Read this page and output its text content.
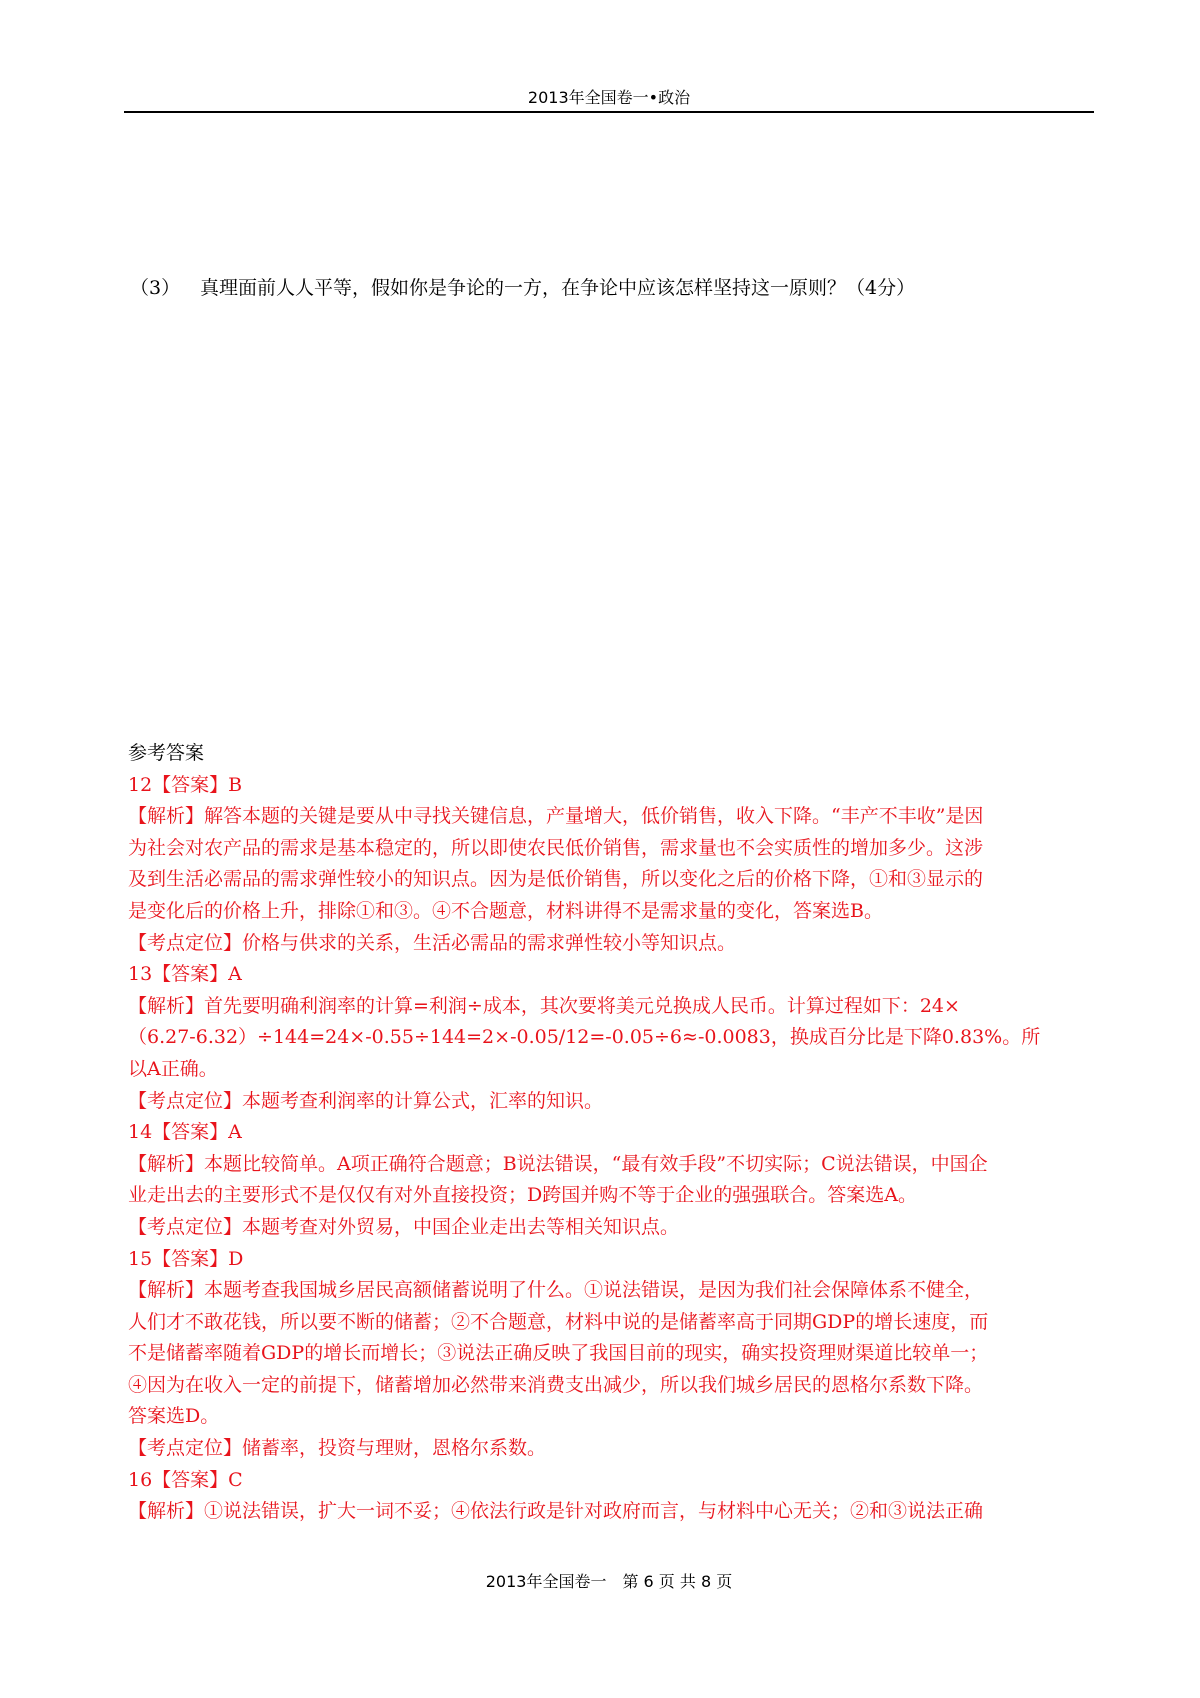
2013年全国卷一•政治
（3） 真理面前人人平等，假如你是争论的一方，在争论中应该怎样坚持这一原则？（4分）
参考答案
12【答案】B
【解析】解答本题的关键是要从中寻找关键信息，产量增大，低价销售，收入下降。“丰产不丰收”是因
为社会对农产品的需求是基本稳定的，所以即使农民低价销售，需求量也不会实质性的增加多少。这涉
及到生活必需品的需求弹性较小的知识点。因为是低价销售，所以变化之后的价格下降，①和③显示的
是变化后的价格上升，排除①和③。④不合题意，材料讲得不是需求量的变化，答案选B。
【考点定位】价格与供求的关系，生活必需品的需求弹性较小等知识点。
13【答案】A
【解析】首先要明确利润率的计算=利润÷成本，其次要将美元兑换成人民币。计算过程如下：24×
（6.27-6.32）÷144=24×-0.55÷144=2×-0.05/12=-0.05÷6≈-0.0083，换成百分比是下降0.83%。所
以A正确。
【考点定位】本题考查利润率的计算公式，汇率的知识。
14【答案】A
【解析】本题比较简单。A项正确符合题意；B说法错误，“最有效手段”不切实际；C说法错误，中国企
业走出去的主要形式不是仅仅有对外直接投资；D跨国并购不等于企业的强强联合。答案选A。
【考点定位】本题考查对外贸易，中国企业走出去等相关知识点。
15【答案】D
【解析】本题考查我国城乡居民高额储蓄说明了什么。①说法错误，是因为我们社会保障体系不健全，
人们才不敢花钱，所以要不断的储蓄；②不合题意，材料中说的是储蓄率高于同期GDP的增长速度，而
不是储蓄率随着GDP的增长而增长；③说法正确反映了我国目前的现实，确实投资理财渠道比较单一；
④因为在收入一定的前提下，储蓄增加必然带来消费支出减少，所以我们城乡居民的恩格尔系数下降。
答案选D。
【考点定位】储蓄率，投资与理财，恩格尔系数。
16【答案】C
【解析】①说法错误，扩大一词不妥；④依法行政是针对政府而言，与材料中心无关；②和③说法正确
2013年全国卷一　第 6 页 共 8 页
